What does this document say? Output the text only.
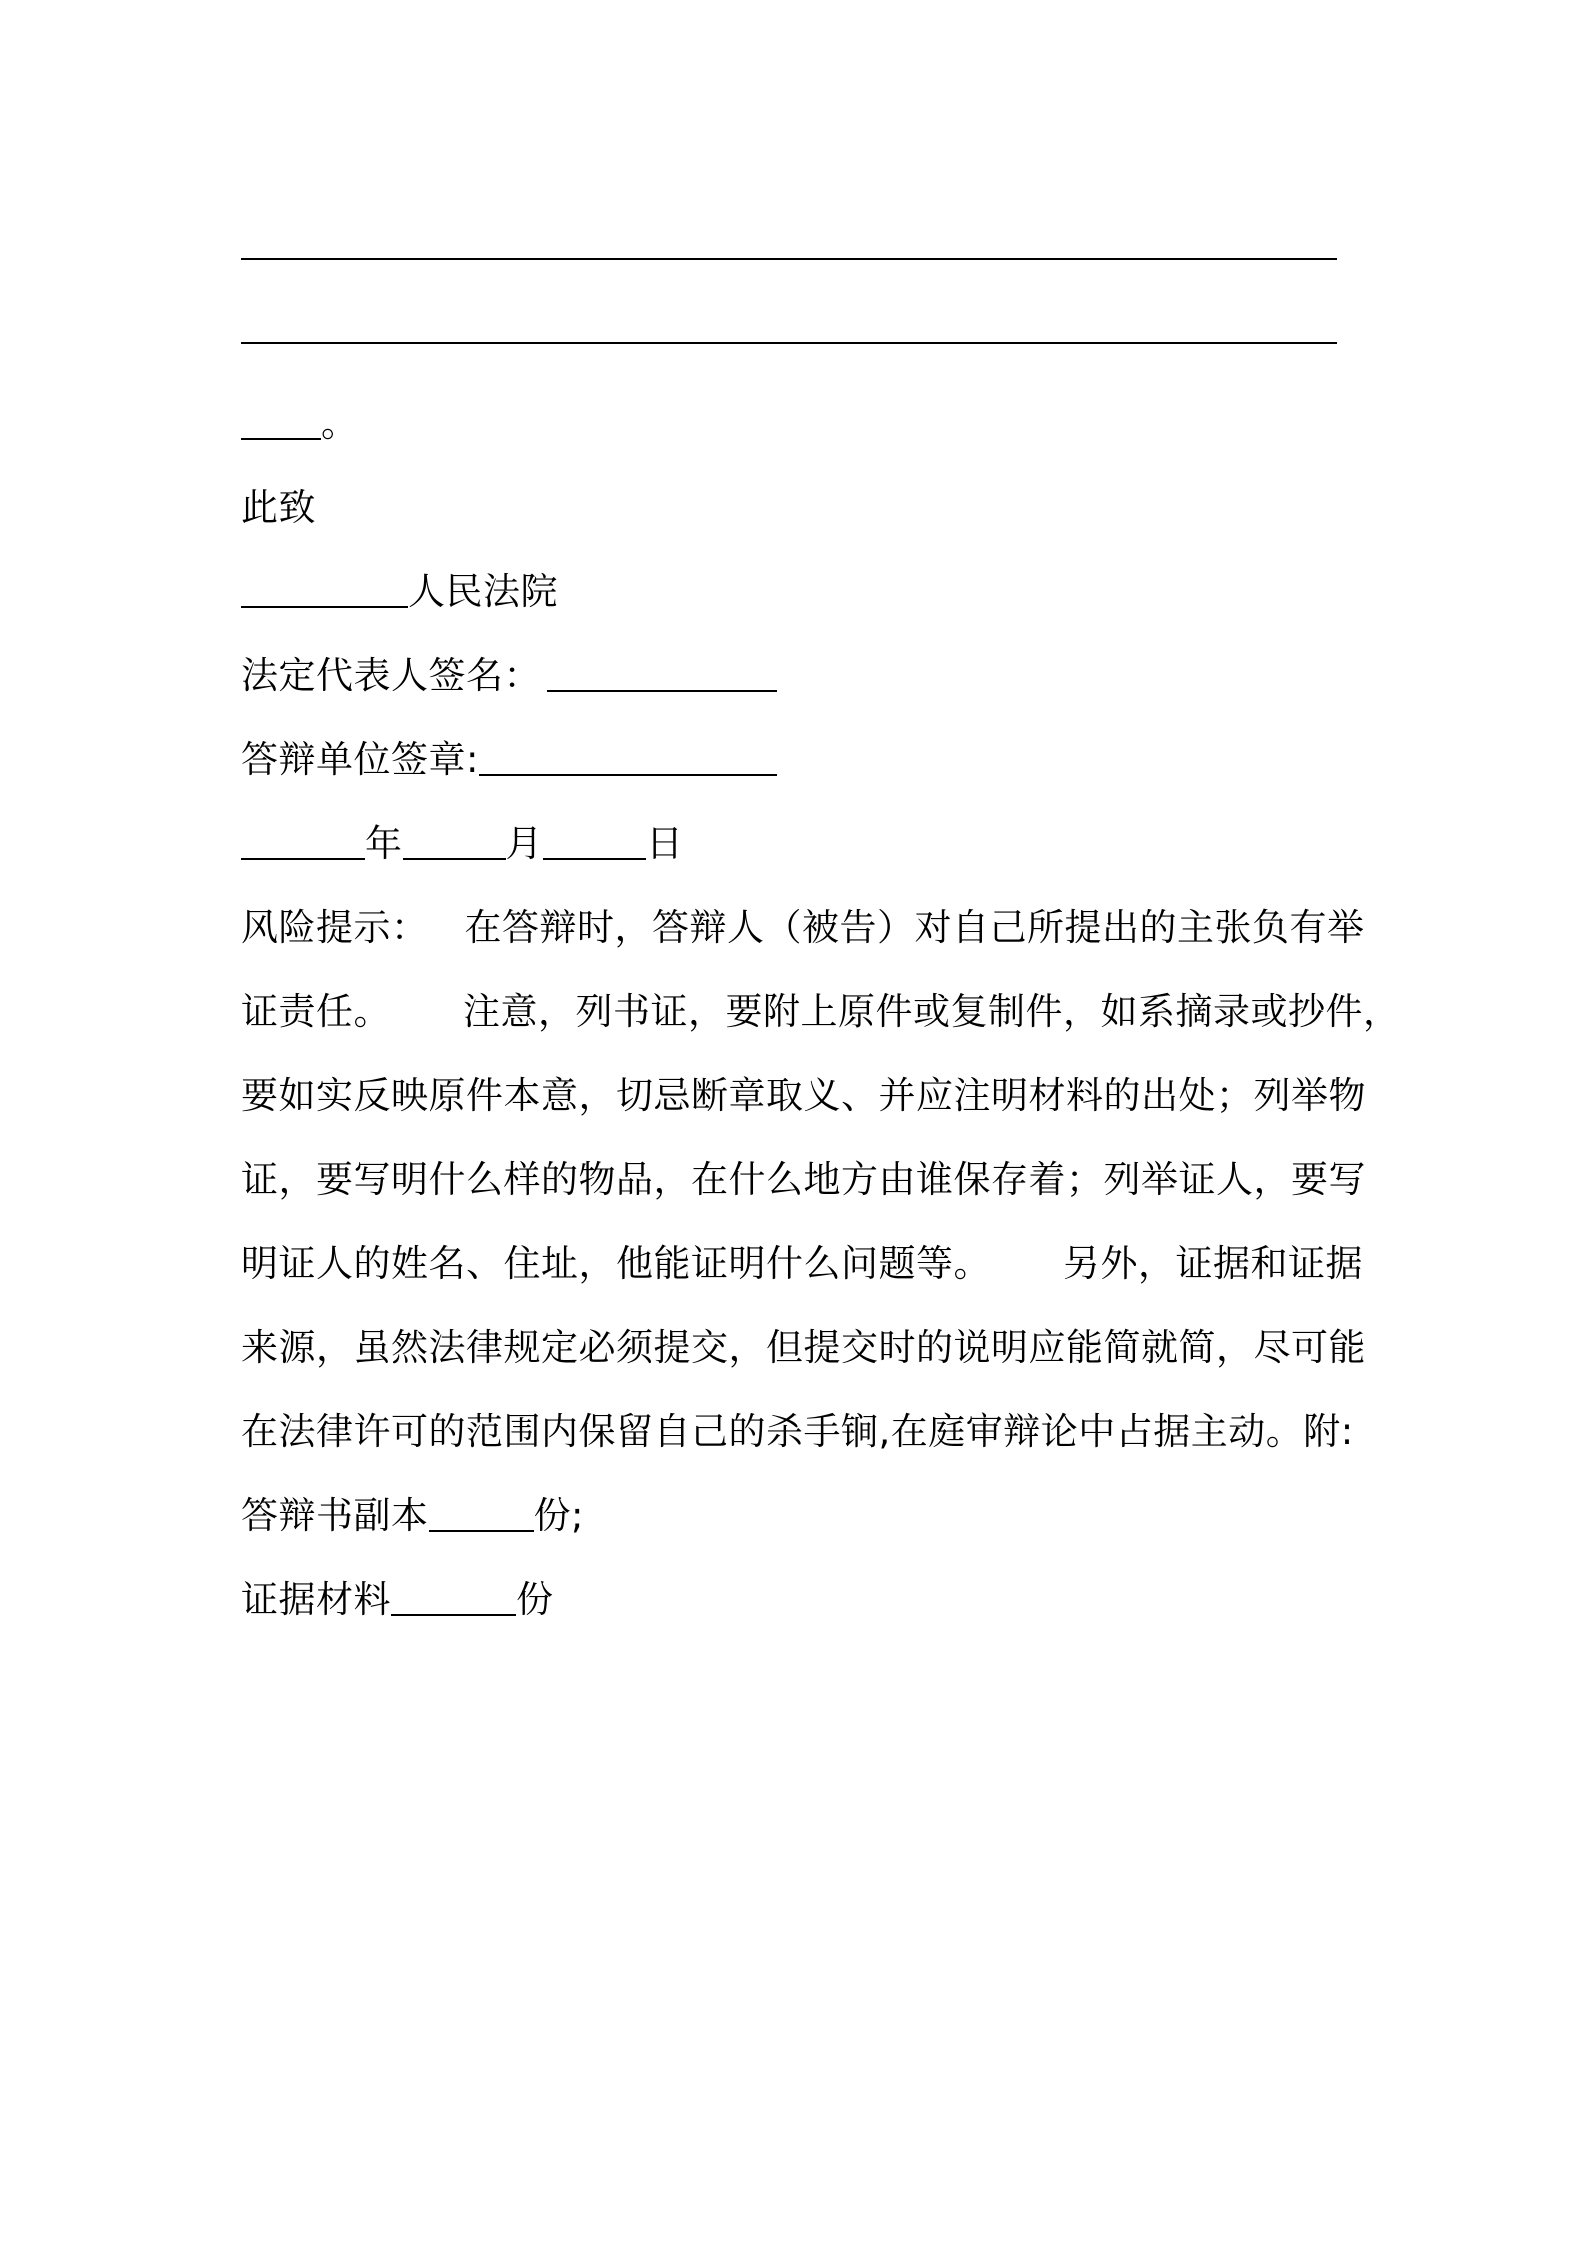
。
此致
人民法院
法定代表人签名：
答辩单位签章:
年	月	日
风险提示： 在答辩时，答辩人（被告）对自己所提出的主张负有举
证责任。 注意，列书证，要附上原件或复制件，如系摘录或抄件，
要如实反映原件本意，切忌断章取义、并应注明材料的出处；列举物
证，要写明什么样的物品，在什么地方由谁保存着；列举证人，要写
明证人的姓名、住址，他能证明什么问题等。 另外，证据和证据
来源，虽然法律规定必须提交，但提交时的说明应能简就简，尽可能
在法律许可的范围内保留自己的杀手锏,在庭审辩论中占据主动。附:
答辩书副本	份;
证据材料	份
